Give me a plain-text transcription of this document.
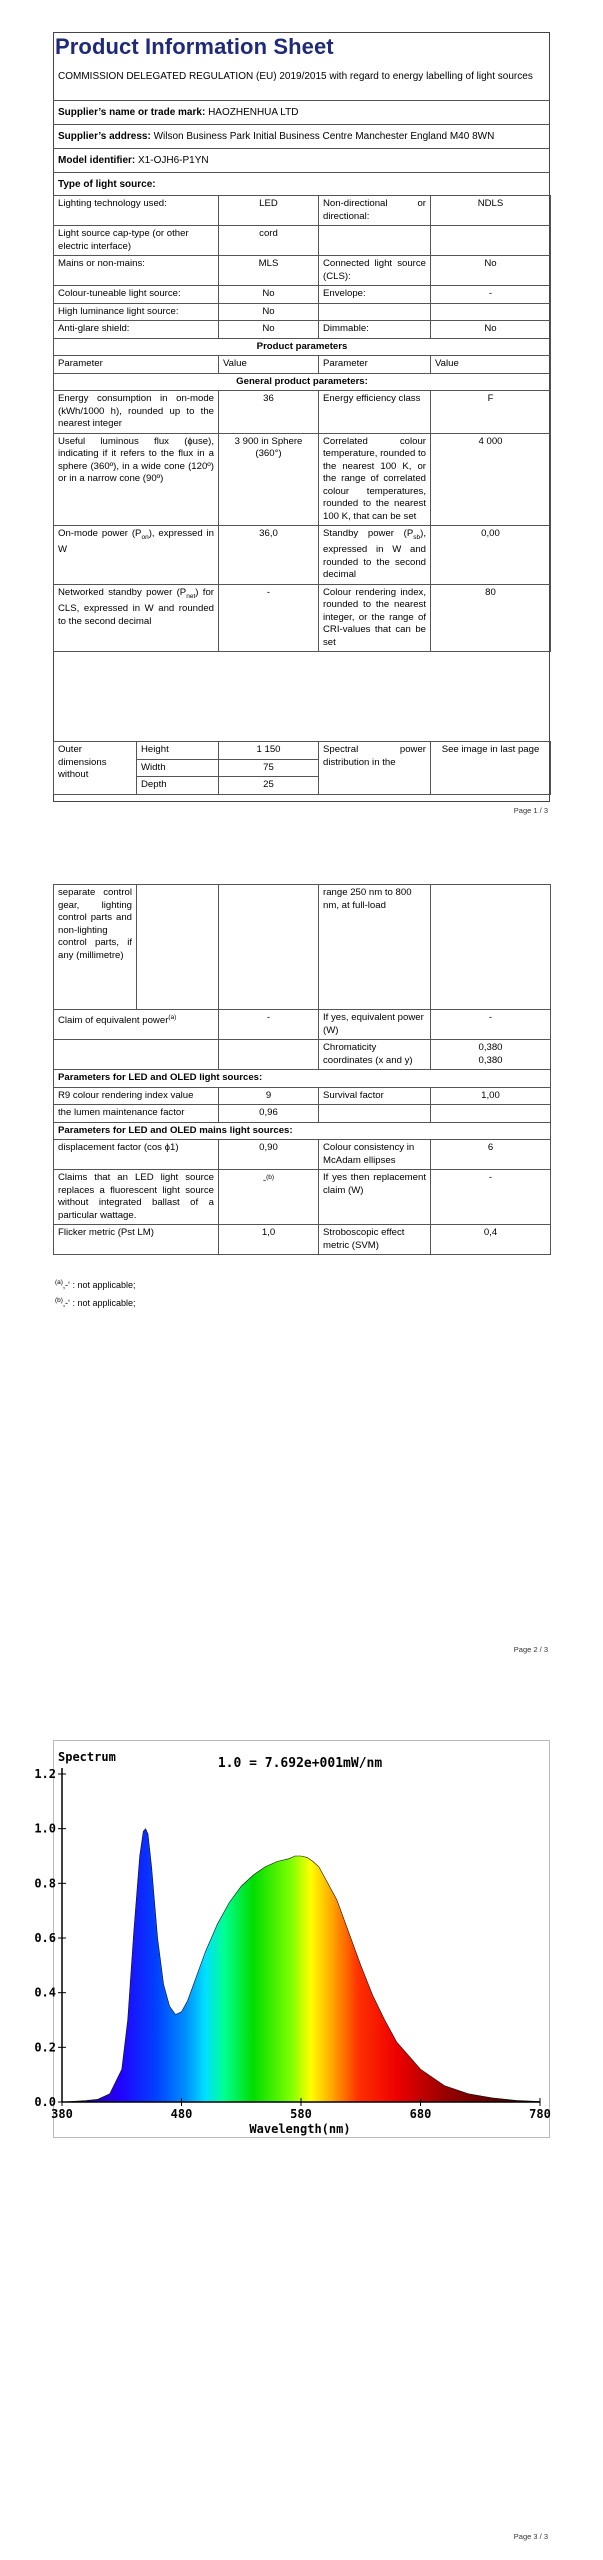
Product Information Sheet
COMMISSION DELEGATED REGULATION (EU) 2019/2015 with regard to energy labelling of light sources
Supplier’s name or trade mark: HAOZHENHUA LTD
Supplier’s address: Wilson Business Park Initial Business Centre Manchester England M40 8WN
Model identifier: X1-OJH6-P1YN
Type of light source:
Lighting technology used:	LED	Non-directional or directional:	NDLS
Light source cap-type (or other electric interface)	cord		
Mains or non-mains:	MLS	Connected light source (CLS):	No
Colour-tuneable light source:	No	Envelope:	-
High luminance light source:	No		
Anti-glare shield:	No	Dimmable:	No
Product parameters			
Parameter	Value	Parameter	Value
General product parameters:			
Energy consumption in on-mode (kWh/1000 h), rounded up to the nearest integer	36	Energy efficiency class	F
Useful luminous flux (ɸuse), indicating if it refers to the flux in a sphere (360º), in a wide cone (120º) or in a narrow cone (90º)	3 900 in Sphere (360°)	Correlated colour temperature, rounded to the nearest 100 K, or the range of correlated colour temperatures, rounded to the nearest 100 K, that can be set	4 000
On-mode power $(P_{on})$, expressed in W	36,0	Standby power $(P_{sb})$, expressed in W and rounded to the second decimal	0,00
Networked standby power $(P_{net})$ for CLS, expressed in W and rounded to the second decimal	-	Colour rendering index, rounded to the nearest integer, or the range of CRI-values that can be set	80
Outer dimensions without	Height	1 150	Spectral power distribution in the	See image in last page
	Width	75		
	Depth	25		
Page 1 / 3
separate control gear, lighting control parts and non-lighting control parts, if any (millimetre)			range 250 nm to 800 nm, at full-load	
Claim of equivalent power$^{(a)}$		-	If yes, equivalent power (W)	-
			Chromaticity coordinates (x and y)	0,380
0,380

Parameters for LED and OLED light sources:				
R9 colour rendering index value		9	Survival factor	1,00
the lumen maintenance factor		0,96		
Parameters for LED and OLED mains light sources:				
displacement factor (cos ϕ1)		0,90	Colour consistency in McAdam ellipses	6
Claims that an LED light source replaces a fluorescent light source without integrated ballast of a particular wattage.		-$^{(b)}$	If yes then replacement claim (W)	-
Flicker metric (Pst LM)		1,0	Stroboscopic effect metric (SVM)	0,4
$^{(a)}$‚-‘ : not applicable;
$^{(b)}$‚-‘ : not applicable;
Page 2 / 3
Spectrum	1.0 = 7.692e+001mW/nm
Wavelength(nm)
0.0
0.2
0.4
0.6
0.8
1.0
1.2
380	480	580	680	780
Page 3 / 3
